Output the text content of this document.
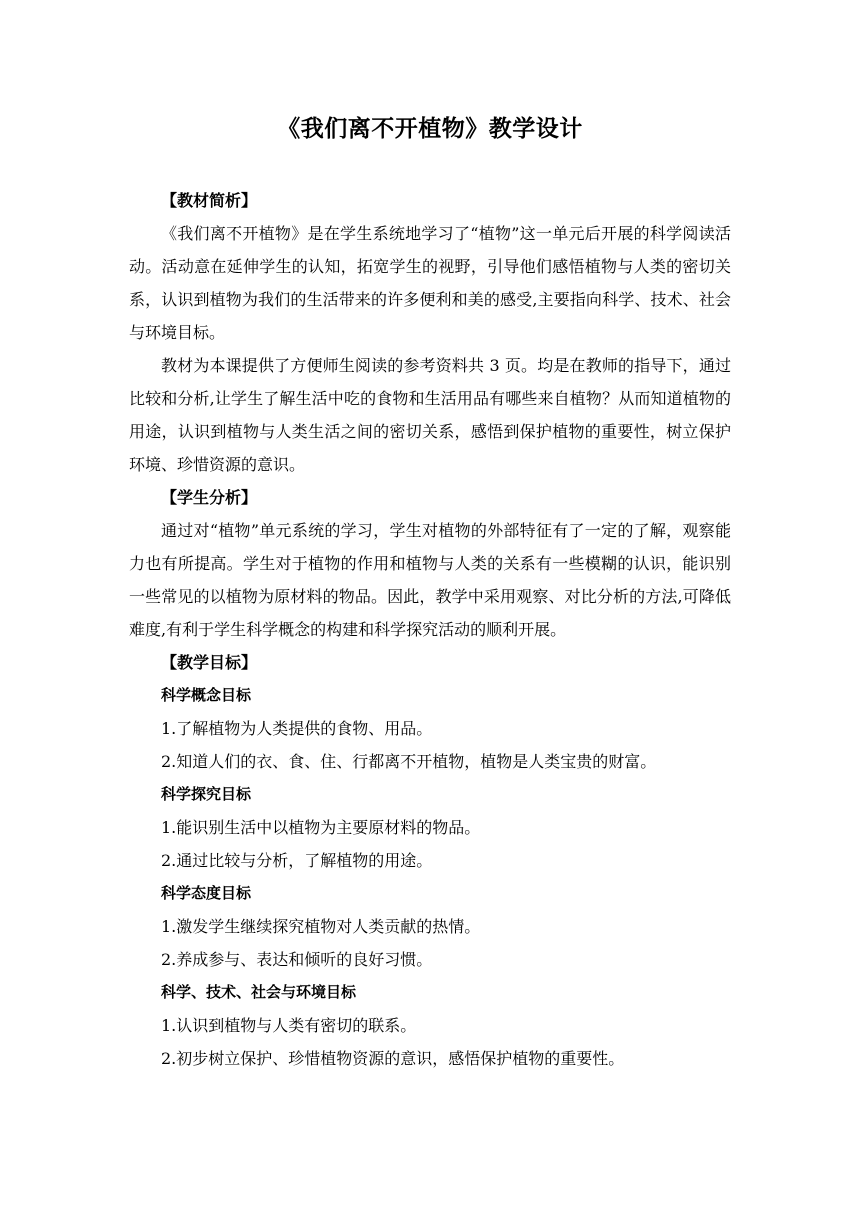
《我们离不开植物》教学设计

【教材简析】

《我们离不开植物》是在学生系统地学习了“植物”这一单元后开展的科学阅读活动。活动意在延伸学生的认知，拓宽学生的视野，引导他们感悟植物与人类的密切关系，认识到植物为我们的生活带来的许多便利和美的感受,主要指向科学、技术、社会与环境目标。

教材为本课提供了方便师生阅读的参考资料共 3 页。均是在教师的指导下，通过比较和分析,让学生了解生活中吃的食物和生活用品有哪些来自植物？从而知道植物的用途，认识到植物与人类生活之间的密切关系，感悟到保护植物的重要性，树立保护环境、珍惜资源的意识。

【学生分析】

通过对“植物”单元系统的学习，学生对植物的外部特征有了一定的了解，观察能力也有所提高。学生对于植物的作用和植物与人类的关系有一些模糊的认识，能识别一些常见的以植物为原材料的物品。因此，教学中采用观察、对比分析的方法,可降低难度,有利于学生科学概念的构建和科学探究活动的顺利开展。

【教学目标】

科学概念目标

1.了解植物为人类提供的食物、用品。

2.知道人们的衣、食、住、行都离不开植物，植物是人类宝贵的财富。

科学探究目标

1.能识别生活中以植物为主要原材料的物品。

2.通过比较与分析，了解植物的用途。

科学态度目标

1.激发学生继续探究植物对人类贡献的热情。

2.养成参与、表达和倾听的良好习惯。

科学、技术、社会与环境目标

1.认识到植物与人类有密切的联系。

2.初步树立保护、珍惜植物资源的意识，感悟保护植物的重要性。
